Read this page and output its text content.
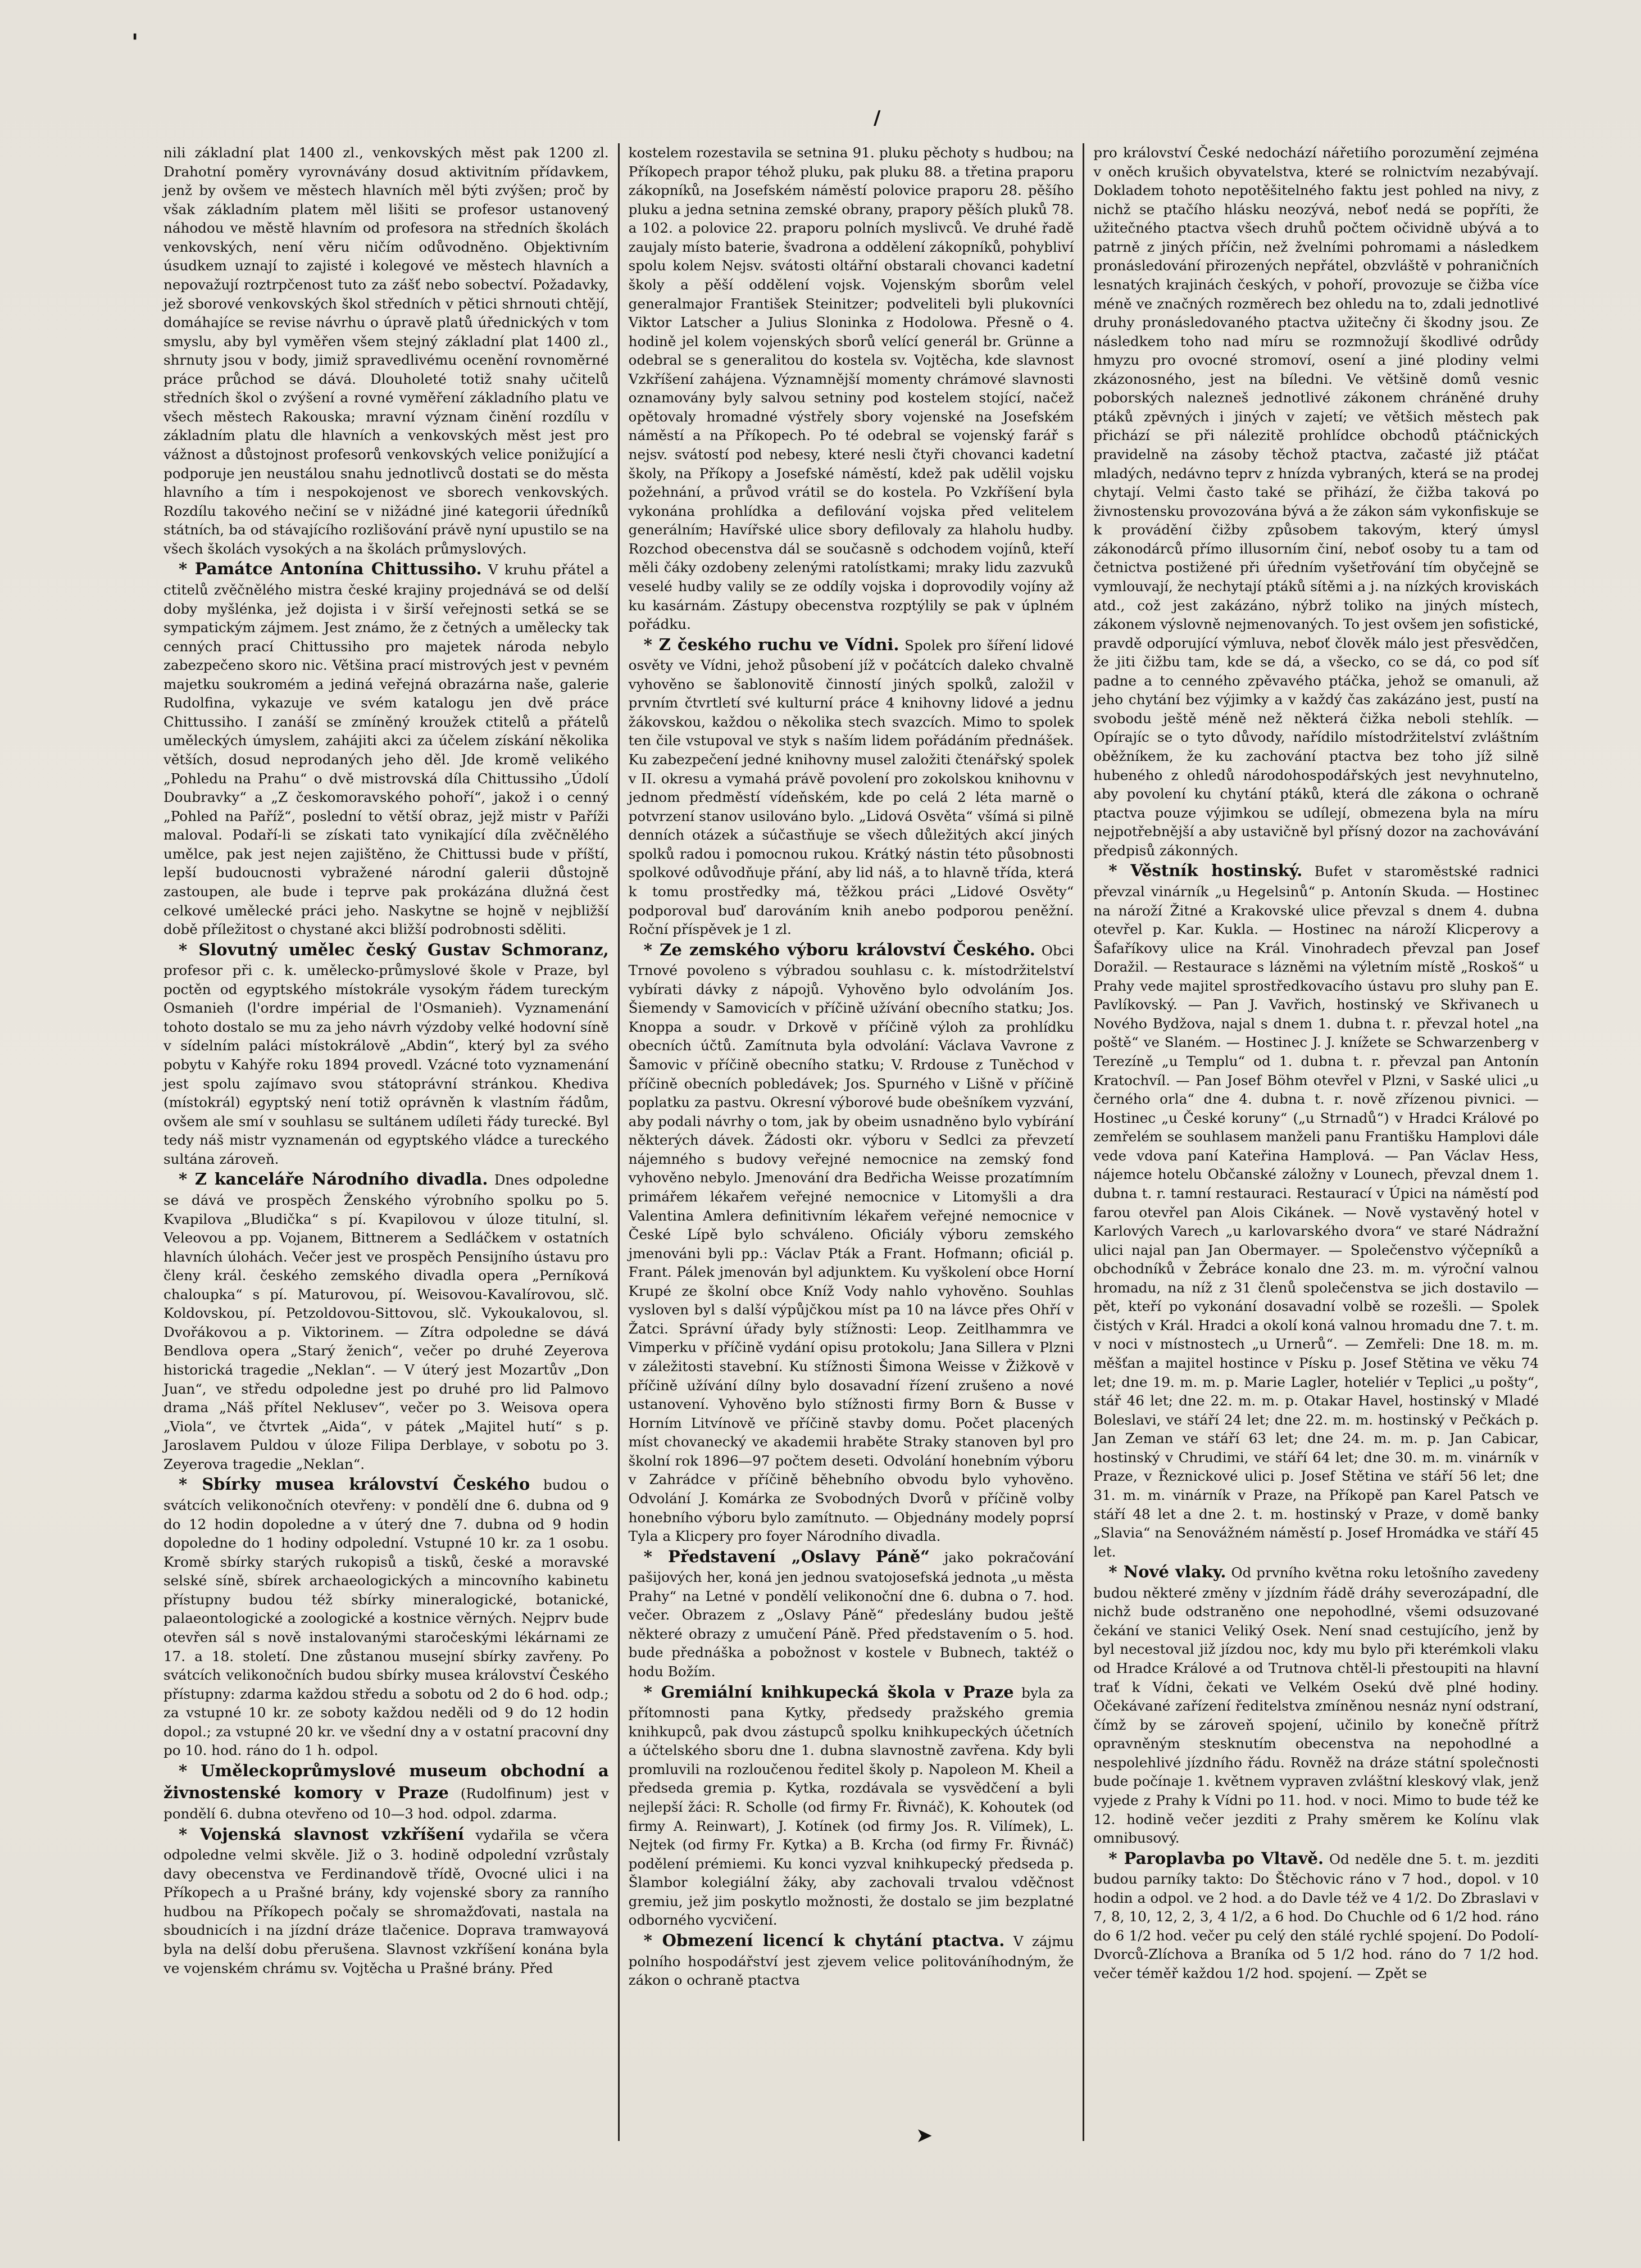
'
/

nili základní plat 1400 zl., venkovských měst pak 1200 zl. Drahotní poměry vyrovnávány dosud aktivitním přídavkem, jenž by ovšem ve městech hlavních měl býti zvýšen; proč by však základním platem měl lišiti se profesor ustanovený náhodou ve městě hlavním od profesora na středních školách venkovských, není věru ničím odůvodněno. Objektivním úsudkem uznají to zajisté i kolegové ve městech hlavních a nepovažují roztrpčenost tuto za zášť nebo sobectví. Požadavky, jež sborové venkovských škol středních v pětici shrnouti chtějí, domáhajíce se revise návrhu o úpravě platů úřednických v tom smyslu, aby byl vyměřen všem stejný základní plat 1400 zl., shrnuty jsou v body, jimiž spravedlivému ocenění rovnoměrné práce průchod se dává. Dlouholeté totiž snahy učitelů středních škol o zvýšení a rovné vyměření základního platu ve všech městech Rakouska; mravní význam činění rozdílu v základním platu dle hlavních a venkovských měst jest pro vážnost a důstojnost profesorů venkovských velice ponižující a podporuje jen neustálou snahu jednotlivců dostati se do města hlavního a tím i nespokojenost ve sborech venkovských. Rozdílu takového nečiní se v nižádné jiné kategorii úředníků státních, ba od stávajícího rozlišování právě nyní upustilo se na všech školách vysokých a na školách průmyslových.

* Památce Antonína Chittussiho. V kruhu přátel a ctitelů zvěčnělého mistra české krajiny projednává se od delší doby myšlénka, jež dojista i v širší veřejnosti setká se se sympatickým zájmem. Jest známo, že z četných a umělecky tak cenných prací Chittussiho pro majetek národa nebylo zabezpečeno skoro nic. Většina prací mistrových jest v pevném majetku soukromém a jediná veřejná obrazárna naše, galerie Rudolfina, vykazuje ve svém katalogu jen dvě práce Chittussiho. I zanáší se zmíněný kroužek ctitelů a přátelů uměleckých úmyslem, zahájiti akci za účelem získání několika větších, dosud neprodaných jeho děl. Jde kromě velikého „Pohledu na Prahu“ o dvě mistrovská díla Chittussiho „Údolí Doubravky“ a „Z českomoravského pohoří“, jakož i o cenný „Pohled na Paříž“, poslední to větší obraz, jejž mistr v Paříži maloval. Podaří-li se získati tato vynikající díla zvěčnělého umělce, pak jest nejen zajištěno, že Chittussi bude v příští, lepší budoucnosti vybražené národní galerii důstojně zastoupen, ale bude i teprve pak prokázána dlužná čest celkové umělecké práci jeho. Naskytne se hojně v nejbližší době příležitost o chystané akci bližší podrobnosti sděliti.

* Slovutný umělec český Gustav Schmoranz, profesor při c. k. umělecko-průmyslové škole v Praze, byl poctěn od egyptského místokrále vysokým řádem tureckým Osmanieh (l'ordre impérial de l'Osmanieh). Vyznamenání tohoto dostalo se mu za jeho návrh výzdoby velké hodovní síně v sídelním paláci místokrálově „Abdin“, který byl za svého pobytu v Kahýře roku 1894 provedl. Vzácné toto vyznamenání jest spolu zajímavo svou státoprávní stránkou. Khediva (místokrál) egyptský není totiž oprávněn k vlastním řádům, ovšem ale smí v souhlasu se sultánem udíleti řády turecké. Byl tedy náš mistr vyznamenán od egyptského vládce a tureckého sultána zároveň.

* Z kanceláře Národního divadla. Dnes odpoledne se dává ve prospěch Ženského výrobního spolku po 5. Kvapilova „Bludička“ s pí. Kvapilovou v úloze titulní, sl. Veleovou a pp. Vojanem, Bittnerem a Sedláčkem v ostatních hlavních úlohách. Večer jest ve prospěch Pensijního ústavu pro členy král. českého zemského divadla opera „Perníková chaloupka“ s pí. Maturovou, pí. Weisovou-Kavalírovou, slč. Koldovskou, pí. Petzoldovou-Sittovou, slč. Vykoukalovou, sl. Dvořákovou a p. Viktorinem. — Zítra odpoledne se dává Bendlova opera „Starý ženich“, večer po druhé Zeyerova historická tragedie „Neklan“. — V úterý jest Mozartův „Don Juan“, ve středu odpoledne jest po druhé pro lid Palmovo drama „Náš přítel Neklusev“, večer po 3. Weisova opera „Viola“, ve čtvrtek „Aida“, v pátek „Majitel hutí“ s p. Jaroslavem Puldou v úloze Filipa Derblaye, v sobotu po 3. Zeyerova tragedie „Neklan“.

* Sbírky musea království Českého budou o svátcích velikonočních otevřeny: v pondělí dne 6. dubna od 9 do 12 hodin dopoledne a v úterý dne 7. dubna od 9 hodin dopoledne do 1 hodiny odpolední. Vstupné 10 kr. za 1 osobu. Kromě sbírky starých rukopisů a tisků, české a moravské selské síně, sbírek archaeologických a mincovního kabinetu přístupny budou též sbírky mineralogické, botanické, palaeontologické a zoologické a kostnice věrných. Nejprv bude otevřen sál s nově instalovanými staročeskými lékárnami ze 17. a 18. století. Dne zůstanou musejní sbírky zavřeny. Po svátcích velikonočních budou sbírky musea království Českého přístupny: zdarma každou středu a sobotu od 2 do 6 hod. odp.; za vstupné 10 kr. ze soboty každou neděli od 9 do 12 hodin dopol.; za vstupné 20 kr. ve všední dny a v ostatní pracovní dny po 10. hod. ráno do 1 h. odpol.

* Uměleckoprůmyslové museum obchodní a živnostenské komory v Praze (Rudolfinum) jest v pondělí 6. dubna otevřeno od 10—3 hod. odpol. zdarma.

* Vojenská slavnost vzkříšení vydařila se včera odpoledne velmi skvěle. Již o 3. hodině odpolední vzrůstaly davy obecenstva ve Ferdinandově třídě, Ovocné ulici i na Příkopech a u Prašné brány, kdy vojenské sbory za ranního hudbou na Příkopech počaly se shromažďovati, nastala na sboudnicích i na jízdní dráze tlačenice. Doprava tramwayová byla na delší dobu přerušena. Slavnost vzkříšení konána byla ve vojenském chrámu sv. Vojtěcha u Prašné brány. Před

kostelem rozestavila se setnina 91. pluku pěchoty s hudbou; na Příkopech prapor téhož pluku, pak pluku 88. a třetina praporu zákopníků, na Josefském náměstí polovice praporu 28. pěšího pluku a jedna setnina zemské obrany, prapory pěších pluků 78. a 102. a polovice 22. praporu polních myslivců. Ve druhé řadě zaujaly místo baterie, švadrona a oddělení zákopníků, pohybliví spolu kolem Nejsv. svátosti oltářní obstarali chovanci kadetní školy a pěší oddělení vojsk. Vojenským sborům velel generalmajor František Steinitzer; podveliteli byli plukovníci Viktor Latscher a Julius Sloninka z Hodolowa. Přesně o 4. hodině jel kolem vojenských sborů velící generál br. Grünne a odebral se s generalitou do kostela sv. Vojtěcha, kde slavnost Vzkříšení zahájena. Významnější momenty chrámové slavnosti oznamovány byly salvou setniny pod kostelem stojící, načež opětovaly hromadné výstřely sbory vojenské na Josefském náměstí a na Příkopech. Po té odebral se vojenský farář s nejsv. svátostí pod nebesy, které nesli čtyři chovanci kadetní školy, na Příkopy a Josefské náměstí, kdež pak udělil vojsku požehnání, a průvod vrátil se do kostela. Po Vzkříšení byla vykonána prohlídka a defilování vojska před velitelem generálním; Havířské ulice sbory defilovaly za hlaholu hudby. Rozchod obecenstva dál se současně s odchodem vojínů, kteří měli čáky ozdobeny zelenými ratolístkami; mraky lidu zazvuků veselé hudby valily se ze oddíly vojska i doprovodily vojíny až ku kasárnám. Zástupy obecenstva rozptýlily se pak v úplném pořádku.

* Z českého ruchu ve Vídni. Spolek pro šíření lidové osvěty ve Vídni, jehož působení jíž v počátcích daleko chvalně vyhověno se šablonovitě činností jiných spolků, založil v prvním čtvrtletí své kulturní práce 4 knihovny lidové a jednu žákovskou, každou o několika stech svazcích. Mimo to spolek ten čile vstupoval ve styk s naším lidem pořádáním přednášek. Ku zabezpečení jedné knihovny musel založiti čtenářský spolek v II. okresu a vymahá právě povolení pro zokolskou knihovnu v jednom předměstí vídeňském, kde po celá 2 léta marně o potvrzení stanov usilováno bylo. „Lidová Osvěta“ všímá si pilně denních otázek a súčastňuje se všech důležitých akcí jiných spolků radou i pomocnou rukou. Krátký nástin této působnosti spolkové odůvodňuje přání, aby lid náš, a to hlavně třída, která k tomu prostředky má, těžkou práci „Lidové Osvěty“ podporoval buď darováním knih anebo podporou peněžní. Roční příspěvek je 1 zl.

* Ze zemského výboru království Českého. Obci Trnové povoleno s výbradou souhlasu c. k. místodržitelství vybírati dávky z nápojů. Vyhověno bylo odvoláním Jos. Šiemendy v Samovicích v příčině užívání obecního statku; Jos. Knoppa a soudr. v Drkově v příčině výloh za prohlídku obecních účtů. Zamítnuta byla odvolání: Václava Vavrone z Šamovic v příčině obecního statku; V. Rrdouse z Tuněchod v příčině obecních pobledávek; Jos. Spurného v Lišně v příčině poplatku za pastvu. Okresní výborové bude obešníkem vyzvání, aby podali návrhy o tom, jak by obeim usnadněno bylo vybírání některých dávek. Žádosti okr. výboru v Sedlci za převzetí nájemného s budovy veřejné nemocnice na zemský fond vyhověno nebylo. Jmenování dra Bedřicha Weisse prozatímním primářem lékařem veřejné nemocnice v Litomyšli a dra Valentina Amlera definitivním lékařem veřejné nemocnice v České Lípě bylo schváleno. Oficiály výboru zemského jmenováni byli pp.: Václav Pták a Frant. Hofmann; oficiál p. Frant. Pálek jmenován byl adjunktem. Ku vyškolení obce Horní Krupé ze školní obce Kníž Vody nahlo vyhověno. Souhlas vysloven byl s další výpůjčkou míst pa 10 na lávce přes Ohří v Žatci. Správní úřady byly stížnosti: Leop. Zeitlhammra ve Vimperku v příčině vydání opisu protokolu; Jana Sillera v Plzni v záležitosti stavební. Ku stížnosti Šimona Weisse v Žižkově v příčině užívání dílny bylo dosavadní řízení zrušeno a nové ustanovení. Vyhověno bylo stížnosti firmy Born & Busse v Horním Litvínově ve příčině stavby domu. Počet placených míst chovanecký ve akademii hraběte Straky stanoven byl pro školní rok 1896—97 počtem deseti. Odvolání honebním výboru v Zahrádce v příčině běhebního obvodu bylo vyhověno. Odvolání J. Komárka ze Svobodných Dvorů v příčině volby honebního výboru bylo zamítnuto. — Objednány modely poprsí Tyla a Klicpery pro foyer Národního divadla.

* Představení „Oslavy Páně“ jako pokračování pašijových her, koná jen jednou svatojosefská jednota „u města Prahy“ na Letné v pondělí velikonoční dne 6. dubna o 7. hod. večer. Obrazem z „Oslavy Páně“ předeslány budou ještě některé obrazy z umučení Páně. Před představením o 5. hod. bude přednáška a pobožnost v kostele v Bubnech, taktéž o hodu Božím.

* Gremiální knihkupecká škola v Praze byla za přítomnosti pana Kytky, předsedy pražského gremia knihkupců, pak dvou zástupců spolku knihkupeckých účetních a účtelského sboru dne 1. dubna slavnostně zavřena. Kdy byli promluvili na rozloučenou ředitel školy p. Napoleon M. Kheil a předseda gremia p. Kytka, rozdávala se vysvědčení a byli nejlepší žáci: R. Scholle (od firmy Fr. Řivnáč), K. Kohoutek (od firmy A. Reinwart), J. Kotínek (od firmy Jos. R. Vilímek), L. Nejtek (od firmy Fr. Kytka) a B. Krcha (od firmy Fr. Řivnáč) podělení prémiemi. Ku konci vyzval knihkupecký předseda p. Šlambor kolegiální žáky, aby zachovali trvalou vděčnost gremiu, jež jim poskytlo možnosti, že dostalo se jim bezplatné odborného vycvičení.

* Obmezení licencí k chytání ptactva. V zájmu polního hospodářství jest zjevem velice politováníhodným, že zákon o ochraně ptactva

pro království České nedochází nářetiího porozumění zejména v oněch krušich obyvatelstva, které se rolnictvím nezabývají. Dokladem tohoto nepotěšitelného faktu jest pohled na nivy, z nichž se ptačího hlásku neozývá, neboť nedá se popříti, že užitečného ptactva všech druhů počtem očividně ubývá a to patrně z jiných příčin, než žvelními pohromami a následkem pronásledování přirozených nepřátel, obzvláště v pohraničních lesnatých krajinách českých, v pohoří, provozuje se čižba více méně ve značných rozměrech bez ohledu na to, zdali jednotlivé druhy pronásledovaného ptactva užitečny či škodny jsou. Ze následkem toho nad míru se rozmnožují škodlivé odrůdy hmyzu pro ovocné stromoví, osení a jiné plodiny velmi zkázonosného, jest na bíledni. Ve většině domů vesnic poborských nalezneš jednotlivé zákonem chráněné druhy ptáků zpěvných i jiných v zajetí; ve většich městech pak přichází se při nálezitě prohlídce obchodů ptáčnických pravidelně na zásoby těchož ptactva, začasté již ptáčat mladých, nedávno teprv z hnízda vybraných, která se na prodej chytají. Velmi často také se přihází, že čižba taková po živnostensku provozována bývá a že zákon sám vykonfiskuje se k provádění čižby způsobem takovým, který úmysl zákonodárců přímo illusorním činí, neboť osoby tu a tam od četnictva postižené při úředním vyšetřování tím obyčejně se vymlouvají, že nechytají ptáků sítěmi a j. na nízkých kroviskách atd., což jest zakázáno, nýbrž toliko na jiných místech, zákonem výslovně nejmenovaných. To jest ovšem jen sofistické, pravdě odporující výmluva, neboť člověk málo jest přesvědčen, že jiti čižbu tam, kde se dá, a všecko, co se dá, co pod síť padne a to cenného zpěvavého ptáčka, jehož se omanuli, až jeho chytání bez výjimky a v každý čas zakázáno jest, pustí na svobodu ještě méně než některá čižka neboli stehlík. — Opírajíc se o tyto důvody, nařídilo místodržitelství zvláštním oběžníkem, že ku zachování ptactva bez toho jíž silně hubeného z ohledů národohospodářských jest nevyhnutelno, aby povolení ku chytání ptáků, která dle zákona o ochraně ptactva pouze výjimkou se udílejí, obmezena byla na míru nejpotřebnější a aby ustavičně byl přísný dozor na zachovávání předpisů zákonných.

* Věstník hostinský. Bufet v staroměstské radnici převzal vinárník „u Hegelsinů“ p. Antonín Skuda. — Hostinec na nároží Žitné a Krakovské ulice převzal s dnem 4. dubna otevřel p. Kar. Kukla. — Hostinec na nároží Klicperovy a Šafaříkovy ulice na Král. Vinohradech převzal pan Josef Doražil. — Restaurace s lázněmi na výletním místě „Roskoš“ u Prahy vede majitel sprostředkovacího ústavu pro sluhy pan E. Pavlíkovský. — Pan J. Vavřich, hostinský ve Skřivanech u Nového Bydžova, najal s dnem 1. dubna t. r. převzal hotel „na poště“ ve Slaném. — Hostinec J. J. knížete se Schwarzenberg v Terezíně „u Templu“ od 1. dubna t. r. převzal pan Antonín Kratochvíl. — Pan Josef Böhm otevřel v Plzni, v Saské ulici „u černého orla“ dne 4. dubna t. r. nově zřízenou pivnici. — Hostinec „u České koruny“ („u Strnadů“) v Hradci Králové po zemřelém se souhlasem manželi panu Františku Hamplovi dále vede vdova paní Kateřina Hamplová. — Pan Václav Hess, nájemce hotelu Občanské záložny v Lounech, převzal dnem 1. dubna t. r. tamní restauraci. Restaurací v Úpici na náměstí pod farou otevřel pan Alois Cikánek. — Nově vystavěný hotel v Karlových Varech „u karlovarského dvora“ ve staré Nádražní ulici najal pan Jan Obermayer. — Společenstvo výčepníků a obchodníků v Žebráce konalo dne 23. m. m. výroční valnou hromadu, na níž z 31 členů společenstva se jich dostavilo — pět, kteří po vykonání dosavadní volbě se rozešli. — Spolek čistých v Král. Hradci a okolí koná valnou hromadu dne 7. t. m. v noci v místnostech „u Urnerů“. — Zemřeli: Dne 18. m. m. měšťan a majitel hostince v Písku p. Josef Stětina ve věku 74 let; dne 19. m. m. p. Marie Lagler, hoteliér v Teplici „u pošty“, stář 46 let; dne 22. m. m. p. Otakar Havel, hostinský v Mladé Boleslavi, ve stáří 24 let; dne 22. m. m. hostinský v Pečkách p. Jan Zeman ve stáří 63 let; dne 24. m. m. p. Jan Cabicar, hostinský v Chrudimi, ve stáří 64 let; dne 30. m. m. vinárník v Praze, v Řeznickové ulici p. Josef Stětina ve stáří 56 let; dne 31. m. m. vinárník v Praze, na Příkopě pan Karel Patsch ve stáří 48 let a dne 2. t. m. hostinský v Praze, v domě banky „Slavia“ na Senovážném náměstí p. Josef Hromádka ve stáří 45 let.

* Nové vlaky. Od prvního května roku letošního zavedeny budou některé změny v jízdním řádě dráhy severozápadní, dle nichž bude odstraněno one nepohodlné, všemi odsuzované čekání ve stanici Veliký Osek. Není snad cestujícího, jenž by byl necestoval již jízdou noc, kdy mu bylo při kterémkoli vlaku od Hradce Králové a od Trutnova chtěl-li přestoupiti na hlavní trať k Vídni, čekati ve Velkém Osekú dvě plné hodiny. Očekávané zařízení ředitelstva zmíněnou nesnáz nyní odstraní, čímž by se zároveň spojení, učinilo by konečně přítrž opravněným stesknutím obecenstva na nepohodlné a nespolehlivé jízdního řádu. Rovněž na dráze státní společnosti bude počínaje 1. květnem vypraven zvláštní kleskový vlak, jenž vyjede z Prahy k Vídni po 11. hod. v noci. Mimo to bude též ke 12. hodině večer jezditi z Prahy směrem ke Kolínu vlak omnibusový.

* Paroplavba po Vltavě. Od neděle dne 5. t. m. jezditi budou parníky takto: Do Štěchovic ráno v 7 hod., dopol. v 10 hodin a odpol. ve 2 hod. a do Davle též ve 4 1/2. Do Zbraslavi v 7, 8, 10, 12, 2, 3, 4 1/2, a 6 hod. Do Chuchle od 6 1/2 hod. ráno do 6 1/2 hod. večer pu celý den stálé rychlé spojení. Do Podolí-Dvorců-Zlíchova a Braníka od 5 1/2 hod. ráno do 7 1/2 hod. večer téměř každou 1/2 hod. spojení. — Zpět se

➤
